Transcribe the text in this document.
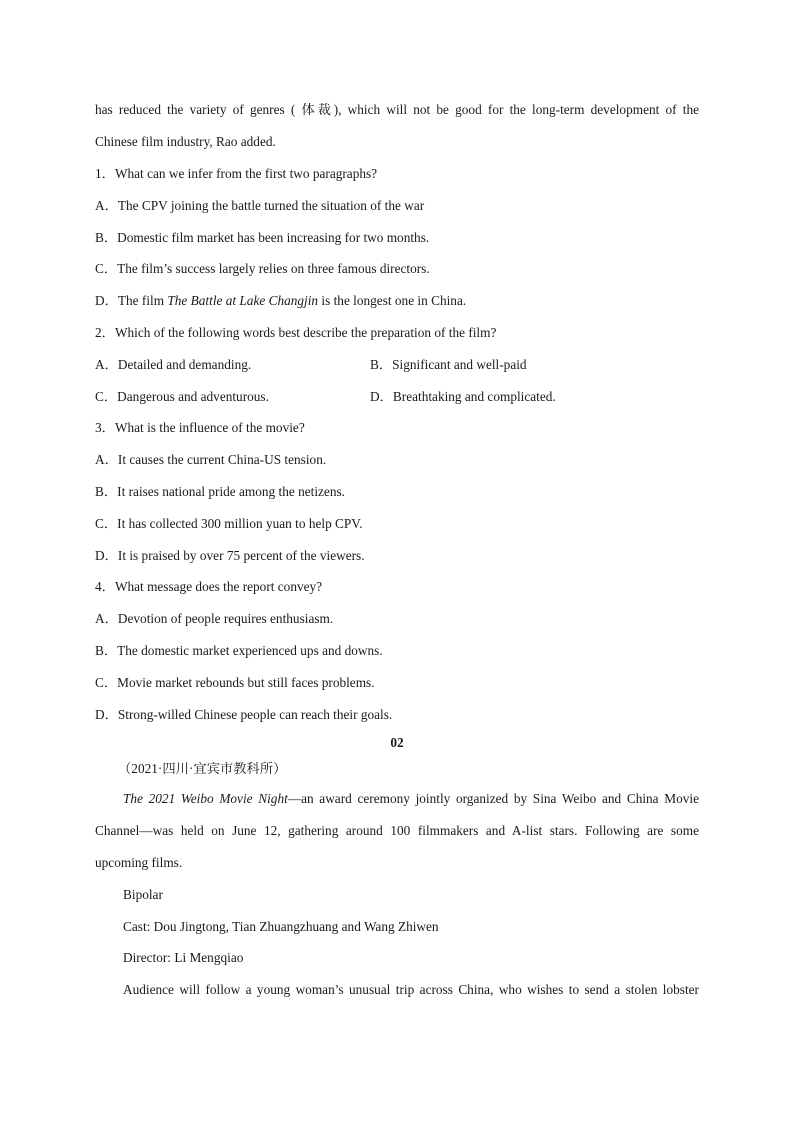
has reduced the variety of genres ( 体裁), which will not be good for the long-term development of the
Chinese film industry, Rao added.
1．What can we infer from the first two paragraphs?
A．The CPV joining the battle turned the situation of the war
B．Domestic film market has been increasing for two months.
C．The film’s success largely relies on three famous directors.
D．The film The Battle at Lake Changjin is the longest one in China.
2．Which of the following words best describe the preparation of the film?
A．Detailed and demanding.	B．Significant and well-paid
C．Dangerous and adventurous.	D．Breathtaking and complicated.
3．What is the influence of the movie?
A．It causes the current China-US tension.
B．It raises national pride among the netizens.
C．It has collected 300 million yuan to help CPV.
D．It is praised by over 75 percent of the viewers.
4．What message does the report convey?
A．Devotion of people requires enthusiasm.
B．The domestic market experienced ups and downs.
C．Movie market rebounds but still faces problems.
D．Strong-willed Chinese people can reach their goals.
02
（2021·四川·宜宾市教科所）
The 2021 Weibo Movie Night—an award ceremony jointly organized by Sina Weibo and China Movie
Channel—was held on June 12, gathering around 100 filmmakers and A-list stars. Following are some
upcoming films.
Bipolar
Cast: Dou Jingtong, Tian Zhuangzhuang and Wang Zhiwen
Director: Li Mengqiao
Audience will follow a young woman’s unusual trip across China, who wishes to send a stolen lobster
